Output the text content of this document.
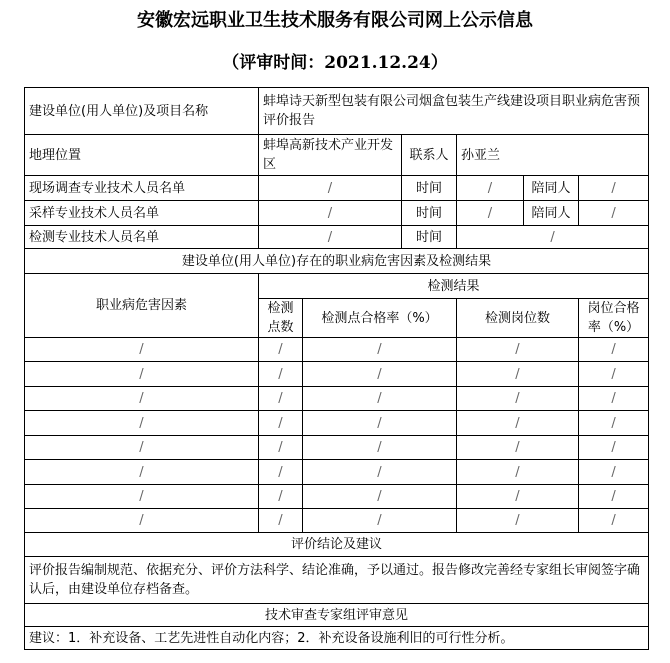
安徽宏远职业卫生技术服务有限公司网上公示信息
（评审时间：2021.12.24）
建设单位(用人单位)及项目名称	蚌埠诗天新型包装有限公司烟盒包装生产线建设项目职业病危害预评价报告					
地理位置	蚌埠高新技术产业开发区		联系人	孙亚兰		
现场调查专业技术人员名单	/		时间	/	陪同人	/
采样专业技术人员名单	/		时间	/	陪同人	/
检测专业技术人员名单	/		时间	/		
建设单位(用人单位)存在的职业病危害因素及检测结果						
职业病危害因素	检测结果					
	检测点数	检测点合格率（%）		检测岗位数		岗位合格率（%）
/	/	/		/		/
/	/	/		/		/
/	/	/		/		/
/	/	/		/		/
/	/	/		/		/
/	/	/		/		/
/	/	/		/		/
/	/	/		/		/
评价结论及建议						
评价报告编制规范、依据充分、评价方法科学、结论准确，予以通过。报告修改完善经专家组长审阅签字确认后，由建设单位存档备查。						
技术审查专家组评审意见						
建议：1．补充设备、工艺先进性自动化内容；2．补充设备设施利旧的可行性分析。						
